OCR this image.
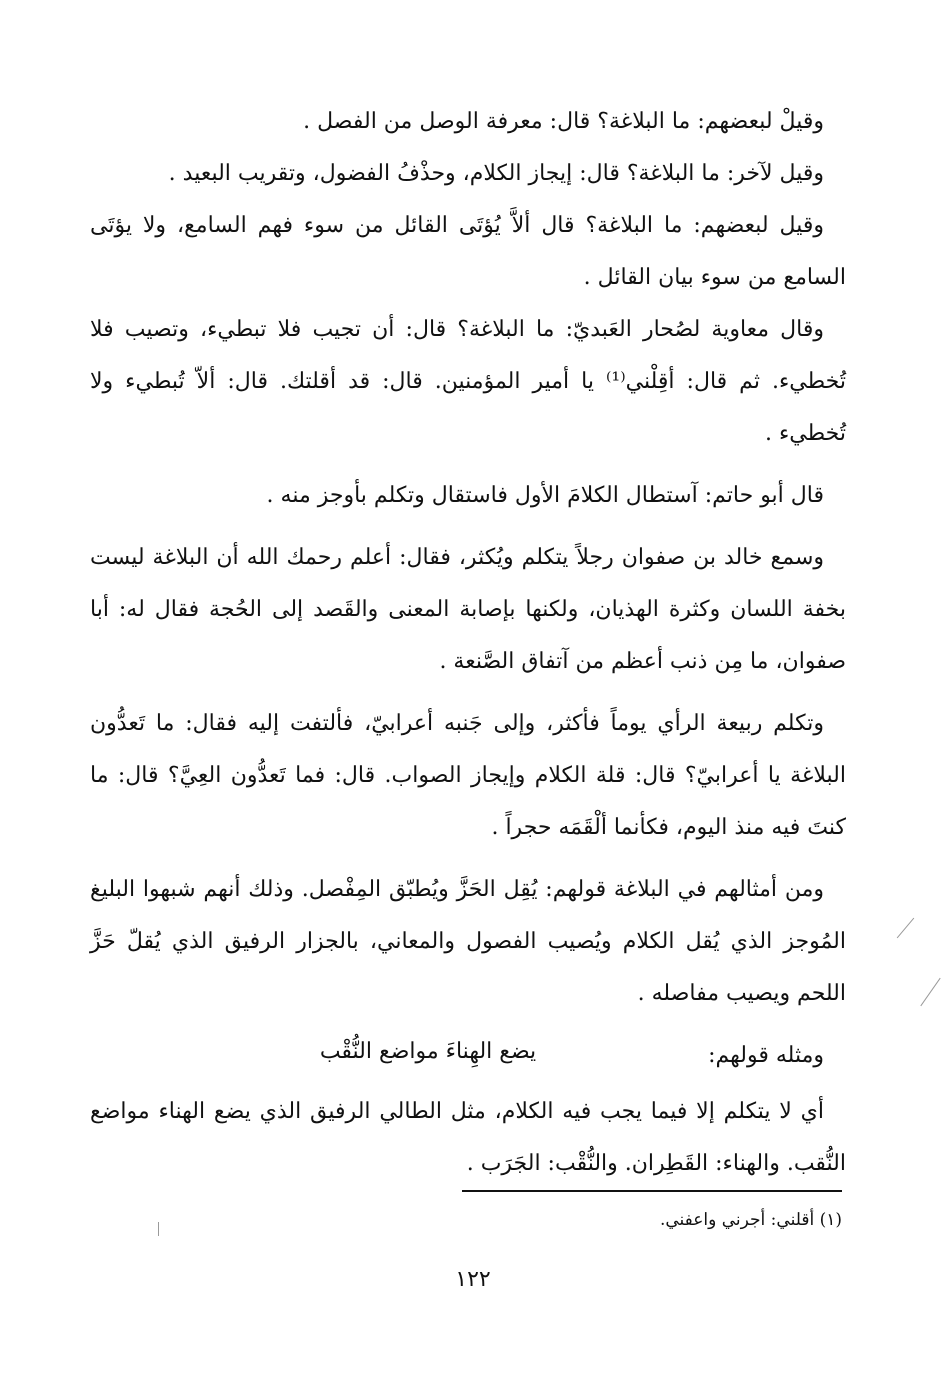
وقيلْ لبعضهم: ما البلاغة؟ قال: معرفة الوصل من الفصل .

وقيل لآخر: ما البلاغة؟ قال: إيجاز الكلام، وحذْفُ الفضول، وتقريب البعيد .

وقيل لبعضهم: ما البلاغة؟ قال ألاَّ يُؤتَى القائل من سوء فهم السامع، ولا يؤتَى السامع من سوء بيان القائل .

وقال معاوية لصُحار العَبديّ: ما البلاغة؟ قال: أن تجيب فلا تبطيء، وتصيب فلا تُخطيء. ثم قال: أقِلْني⁽¹⁾ يا أمير المؤمنين. قال: قد أقلتك. قال: ألاّ تُبطيء ولا تُخطيء .

قال أبو حاتم: آستطال الكلامَ الأول فاستقال وتكلم بأوجز منه .

وسمع خالد بن صفوان رجلاً يتكلم ويُكثر، فقال: أعلم رحمك الله أن البلاغة ليست بخفة اللسان وكثرة الهذيان، ولكنها بإصابة المعنى والقَصد إلى الحُجة فقال له: أبا صفوان، ما مِن ذنب أعظم من آتفاق الصَّنعة .

وتكلم ربيعة الرأي يوماً فأكثر، وإلى جَنبه أعرابيّ، فألتفت إليه فقال: ما تَعدُّون البلاغة يا أعرابيّ؟ قال: قلة الكلام وإيجاز الصواب. قال: فما تَعدُّون العِيَّ؟ قال: ما كنتَ فيه منذ اليوم، فكأنما ألْقَمَه حجراً .

ومن أمثالهم في البلاغة قولهم: يُقِل الحَزَّ ويُطبّق المِفْصل. وذلك أنهم شبهوا البليغ المُوجز الذي يُقل الكلام ويُصيب الفصول والمعاني، بالجزار الرفيق الذي يُقلّ حَزَّ اللحم ويصيب مفاصله .

ومثله قولهم:

يضع الهِناءَ مواضع النُّقْب

أي لا يتكلم إلا فيما يجب فيه الكلام، مثل الطالي الرفيق الذي يضع الهناء مواضع النُّقب. والهناء: القَطِران. والنُّقْب: الجَرَب .

(١) أقلني: أجرني واعفني.
١٢٢
